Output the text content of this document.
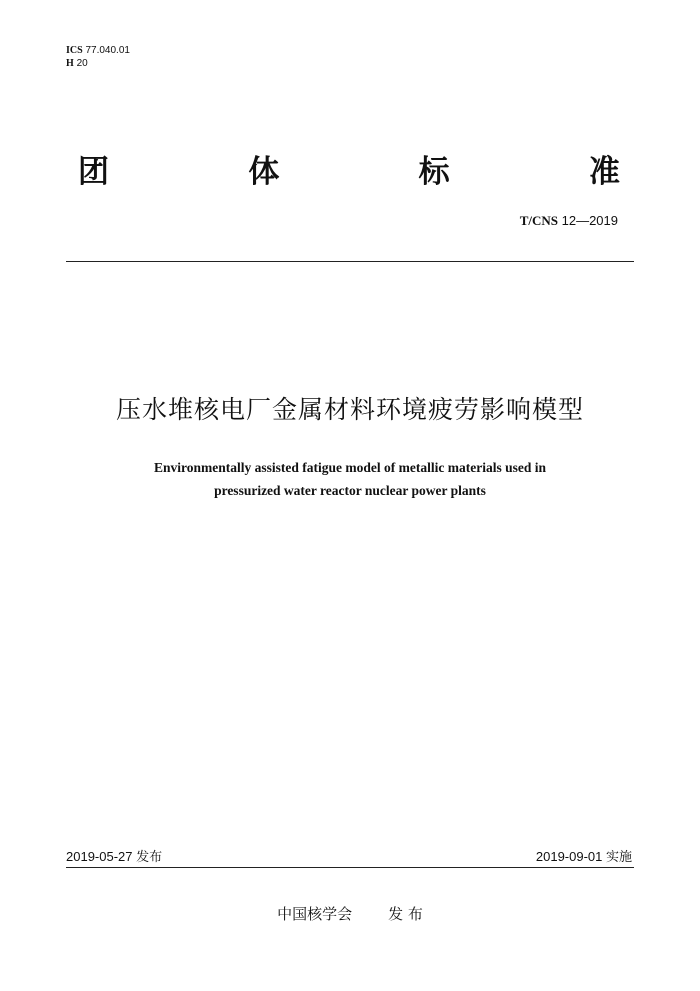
ICS 77.040.01
H 20
团	体	标	准
T/CNS 12—2019
压水堆核电厂金属材料环境疲劳影响模型
Environmentally assisted fatigue model of metallic materials used in
pressurized water reactor nuclear power plants
2019-05-27 发布	2019-09-01 实施
中国核学会 发 布
